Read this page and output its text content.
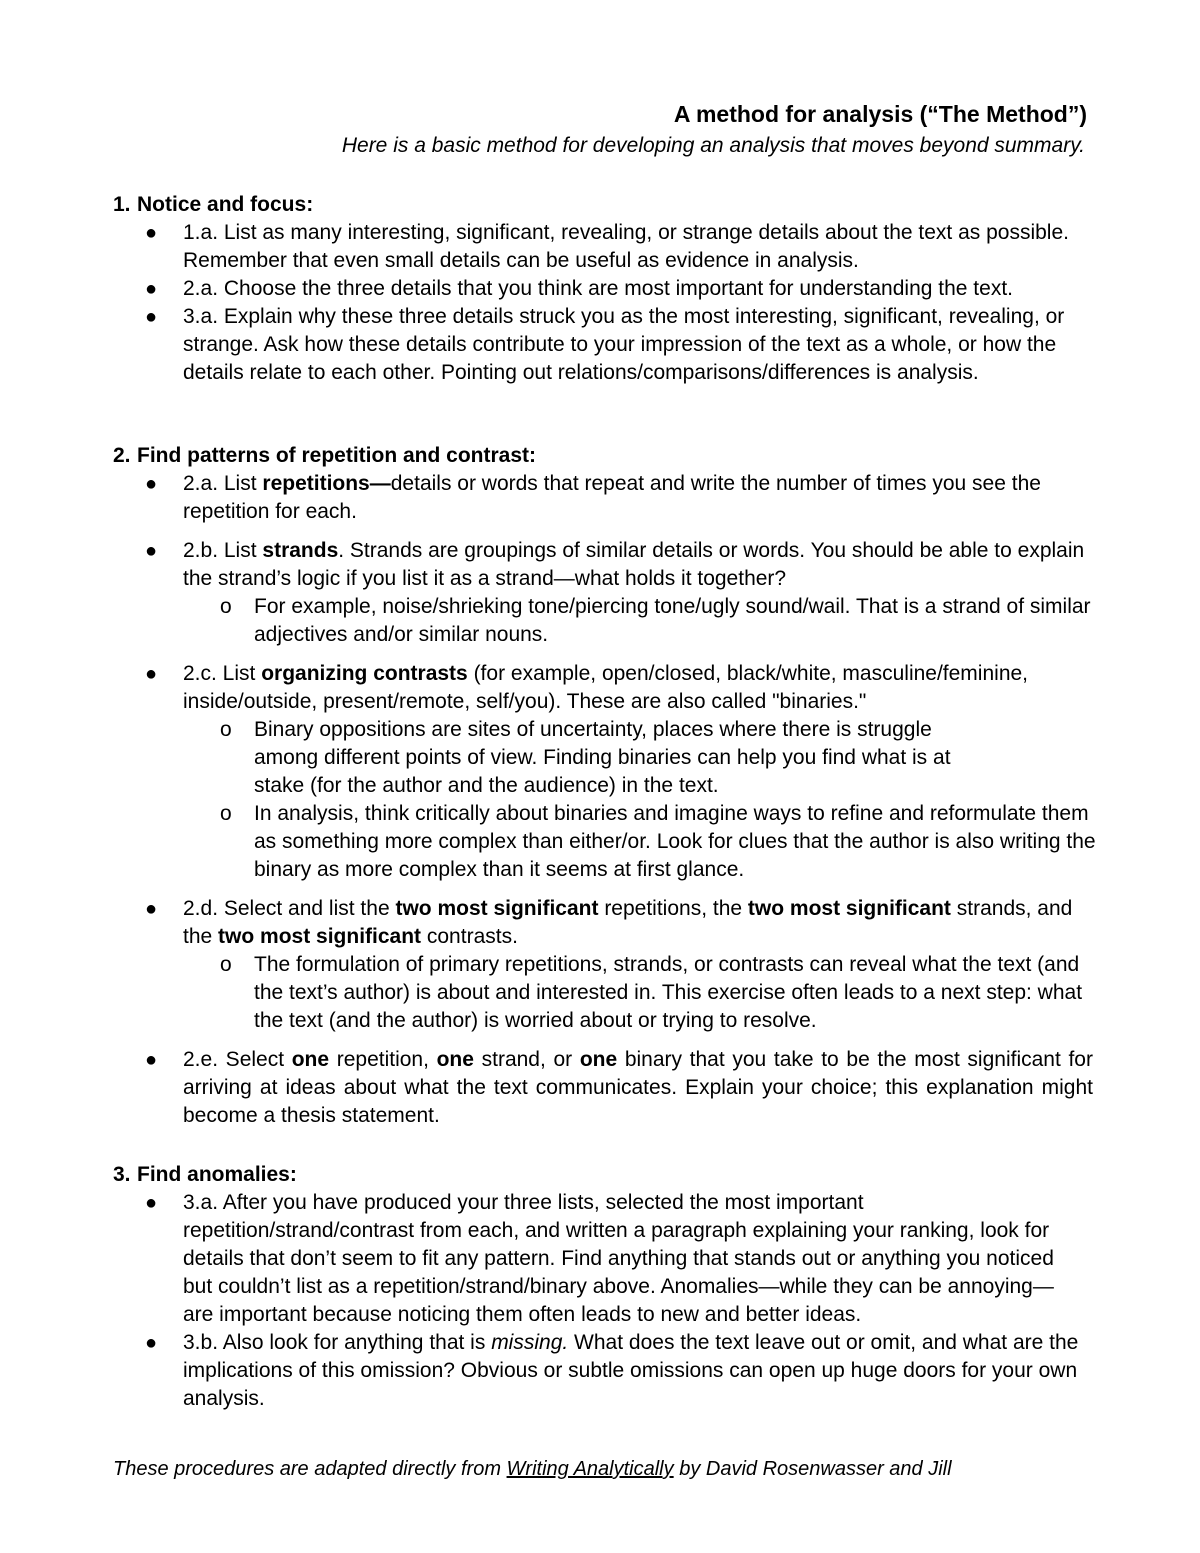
A method for analysis (“The Method”)
Here is a basic method for developing an analysis that moves beyond summary.
1. Notice and focus:
● 1.a. List as many interesting, significant, revealing, or strange details about the text as possible. Remember that even small details can be useful as evidence in analysis.
● 2.a. Choose the three details that you think are most important for understanding the text.
● 3.a. Explain why these three details struck you as the most interesting, significant, revealing, or strange. Ask how these details contribute to your impression of the text as a whole, or how the details relate to each other. Pointing out relations/comparisons/differences is analysis.
2. Find patterns of repetition and contrast:
● 2.a. List repetitions—details or words that repeat and write the number of times you see the repetition for each.
● 2.b. List strands. Strands are groupings of similar details or words. You should be able to explain the strand’s logic if you list it as a strand—what holds it together?
o For example, noise/shrieking tone/piercing tone/ugly sound/wail. That is a strand of similar adjectives and/or similar nouns.
● 2.c. List organizing contrasts (for example, open/closed, black/white, masculine/feminine, inside/outside, present/remote, self/you). These are also called "binaries."
o Binary oppositions are sites of uncertainty, places where there is struggle among different points of view. Finding binaries can help you find what is at stake (for the author and the audience) in the text.
o In analysis, think critically about binaries and imagine ways to refine and reformulate them as something more complex than either/or. Look for clues that the author is also writing the binary as more complex than it seems at first glance.
● 2.d. Select and list the two most significant repetitions, the two most significant strands, and the two most significant contrasts.
o The formulation of primary repetitions, strands, or contrasts can reveal what the text (and the text’s author) is about and interested in. This exercise often leads to a next step: what the text (and the author) is worried about or trying to resolve.
● 2.e. Select one repetition, one strand, or one binary that you take to be the most significant for arriving at ideas about what the text communicates. Explain your choice; this explanation might become a thesis statement.
3. Find anomalies:
● 3.a. After you have produced your three lists, selected the most important repetition/strand/contrast from each, and written a paragraph explaining your ranking, look for details that don’t seem to fit any pattern. Find anything that stands out or anything you noticed but couldn’t list as a repetition/strand/binary above. Anomalies—while they can be annoying—are important because noticing them often leads to new and better ideas.
● 3.b. Also look for anything that is missing. What does the text leave out or omit, and what are the implications of this omission? Obvious or subtle omissions can open up huge doors for your own analysis.
These procedures are adapted directly from Writing Analytically by David Rosenwasser and Jill
